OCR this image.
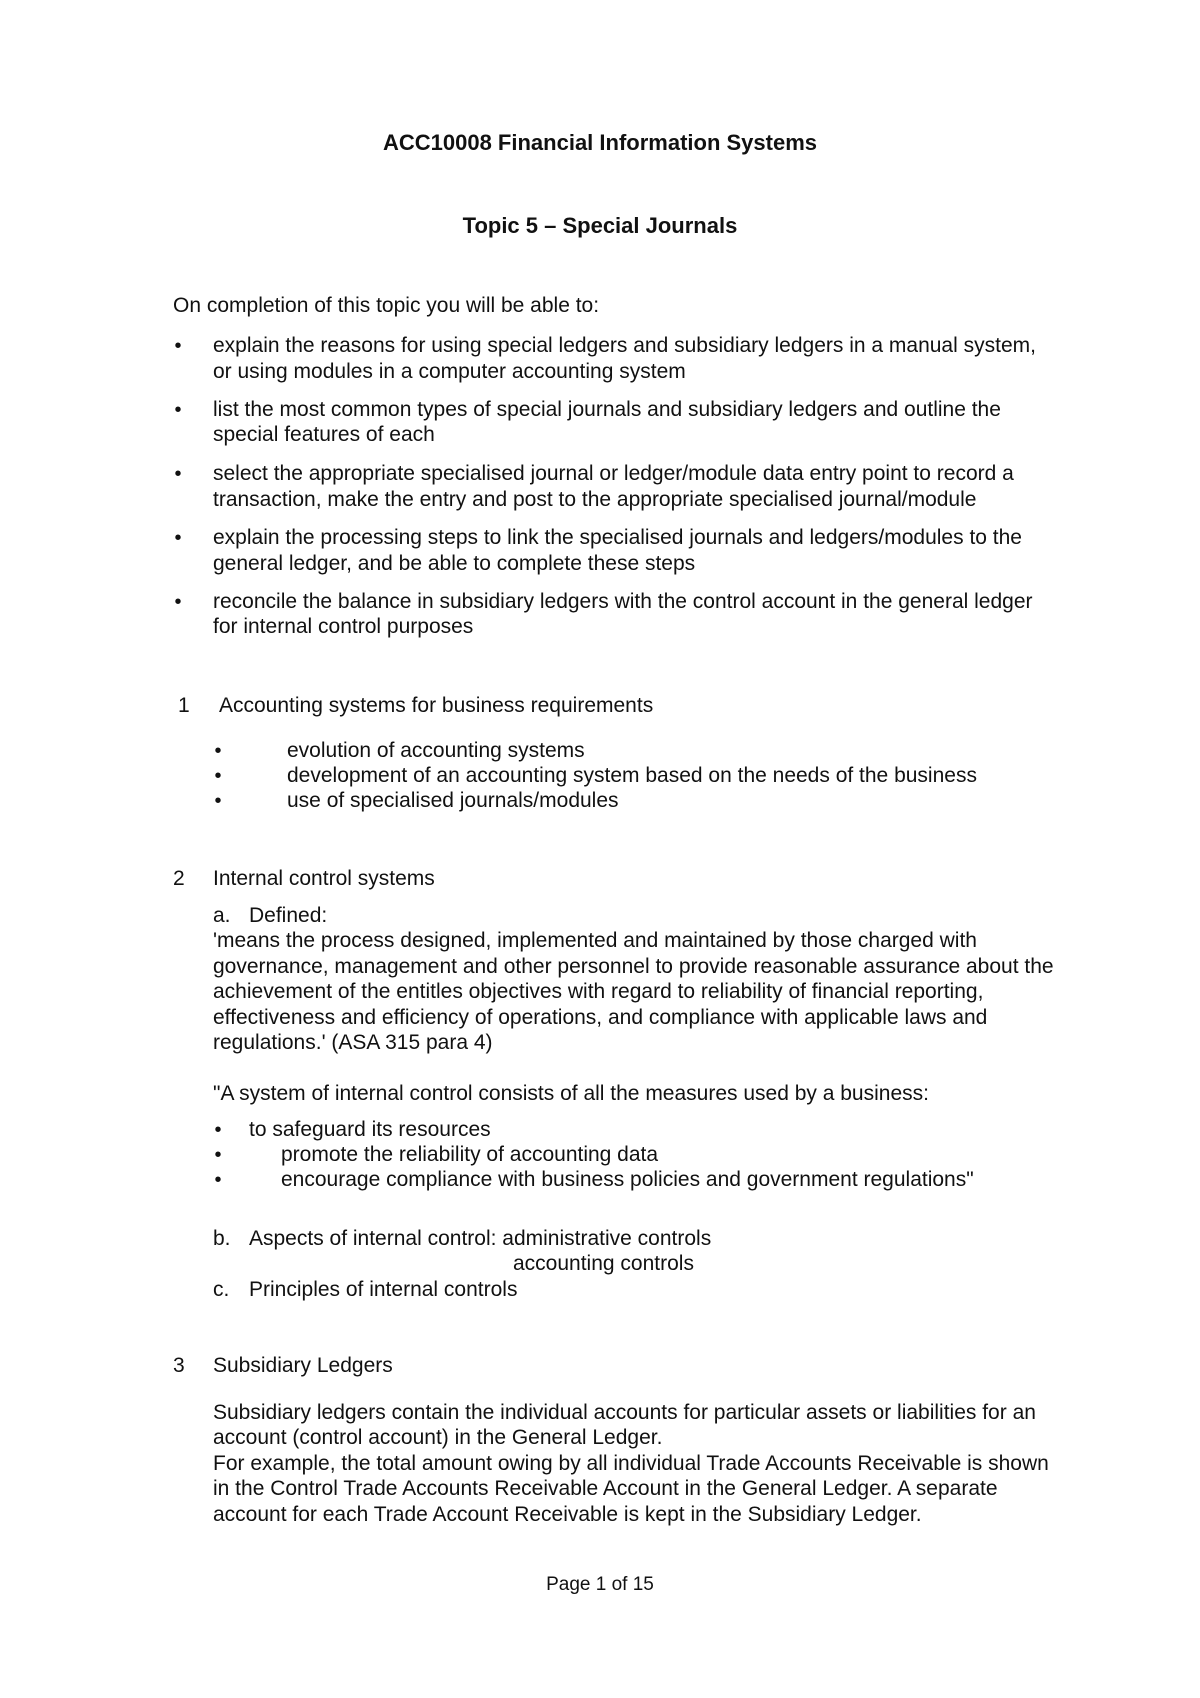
ACC10008 Financial Information Systems
Topic 5 – Special Journals
On completion of this topic you will be able to:
•
explain the reasons for using special ledgers and subsidiary ledgers in a manual system,
or using modules in a computer accounting system
•
list the most common types of special journals and subsidiary ledgers and outline the
special features of each
•
select the appropriate specialised journal or ledger/module data entry point to record a
transaction, make the entry and post to the appropriate specialised journal/module
•
explain the processing steps to link the specialised journals and ledgers/modules to the
general ledger, and be able to complete these steps
•
reconcile the balance in subsidiary ledgers with the control account in the general ledger
for internal control purposes
1 Accounting systems for business requirements
•
evolution of accounting systems
•
development of an accounting system based on the needs of the business
•
use of specialised journals/modules
2 Internal control systems
a. Defined:
'means the process designed, implemented and maintained by those charged with
governance, management and other personnel to provide reasonable assurance about the
achievement of the entitles objectives with regard to reliability of financial reporting,
effectiveness and efficiency of operations, and compliance with applicable laws and
regulations.' (ASA 315 para 4)
"A system of internal control consists of all the measures used by a business:
•
to safeguard its resources
•
promote the reliability of accounting data
•
encourage compliance with business policies and government regulations"
b. Aspects of internal control: administrative controls
accounting controls
c. Principles of internal controls
3 Subsidiary Ledgers
Subsidiary ledgers contain the individual accounts for particular assets or liabilities for an
account (control account) in the General Ledger.
For example, the total amount owing by all individual Trade Accounts Receivable is shown
in the Control Trade Accounts Receivable Account in the General Ledger. A separate
account for each Trade Account Receivable is kept in the Subsidiary Ledger.
Page 1 of 15
